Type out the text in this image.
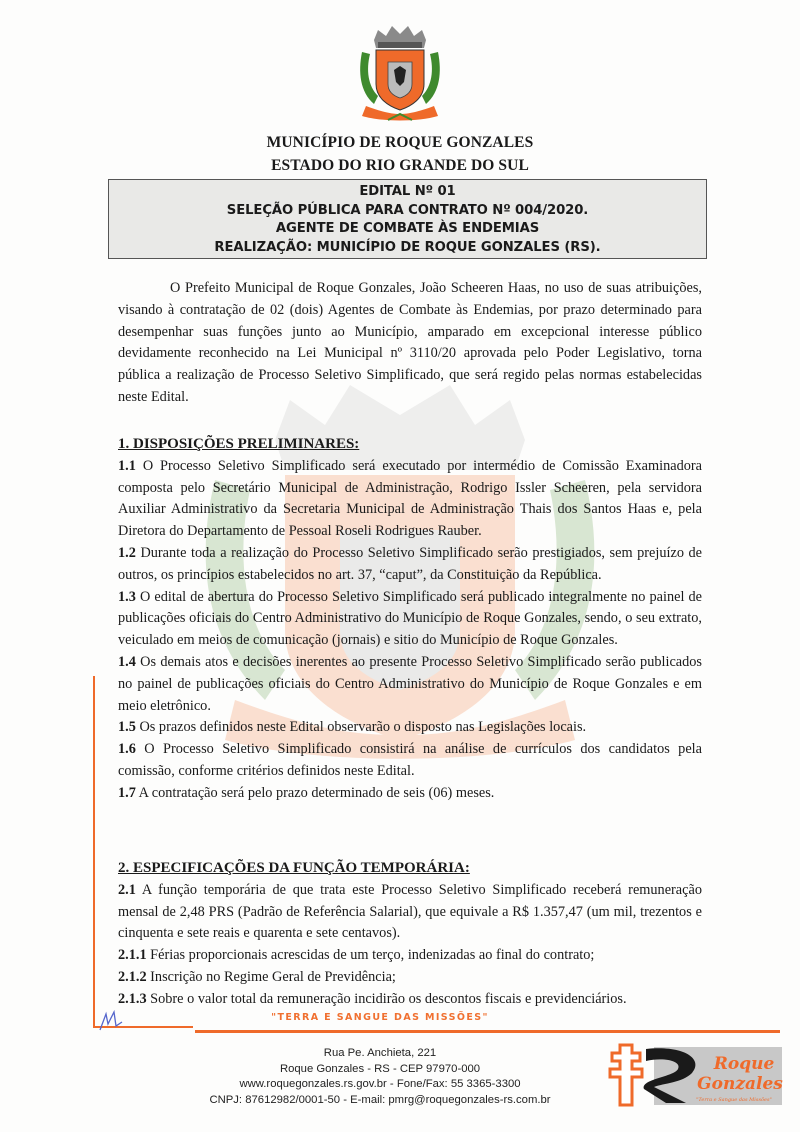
MUNICÍPIO DE ROQUE GONZALES
ESTADO DO RIO GRANDE DO SUL
EDITAL Nº 01
SELEÇÃO PÚBLICA PARA CONTRATO Nº 004/2020.
AGENTE DE COMBATE ÀS ENDEMIAS
REALIZAÇÃO: MUNICÍPIO DE ROQUE GONZALES (RS).

O Prefeito Municipal de Roque Gonzales, João Scheeren Haas, no uso de suas atribuições, visando à contratação de 02 (dois) Agentes de Combate às Endemias, por prazo determinado para desempenhar suas funções junto ao Município, amparado em excepcional interesse público devidamente reconhecido na Lei Municipal nº 3110/20 aprovada pelo Poder Legislativo, torna pública a realização de Processo Seletivo Simplificado, que será regido pelas normas estabelecidas neste Edital.

1. DISPOSIÇÕES PRELIMINARES:

1.1 O Processo Seletivo Simplificado será executado por intermédio de Comissão Examinadora composta pelo Secretário Municipal de Administração, Rodrigo Issler Scheeren, pela servidora Auxiliar Administrativo da Secretaria Municipal de Administração Thais dos Santos Haas e, pela Diretora do Departamento de Pessoal Roseli Rodrigues Rauber.

1.2 Durante toda a realização do Processo Seletivo Simplificado serão prestigiados, sem prejuízo de outros, os princípios estabelecidos no art. 37, “caput”, da Constituição da República.

1.3 O edital de abertura do Processo Seletivo Simplificado será publicado integralmente no painel de publicações oficiais do Centro Administrativo do Município de Roque Gonzales, sendo, o seu extrato, veiculado em meios de comunicação (jornais) e sitio do Município de Roque Gonzales.

1.4 Os demais atos e decisões inerentes ao presente Processo Seletivo Simplificado serão publicados no painel de publicações oficiais do Centro Administrativo do Município de Roque Gonzales e em meio eletrônico.

1.5 Os prazos definidos neste Edital observarão o disposto nas Legislações locais.

1.6 O Processo Seletivo Simplificado consistirá na análise de currículos dos candidatos pela comissão, conforme critérios definidos neste Edital.

1.7 A contratação será pelo prazo determinado de seis (06) meses.

2. ESPECIFICAÇÕES DA FUNÇÃO TEMPORÁRIA:

2.1 A função temporária de que trata este Processo Seletivo Simplificado receberá remuneração mensal de 2,48 PRS (Padrão de Referência Salarial), que equivale a R$ 1.357,47 (um mil, trezentos e cinquenta e sete reais e quarenta e sete centavos).

2.1.1 Férias proporcionais acrescidas de um terço, indenizadas ao final do contrato;

2.1.2 Inscrição no Regime Geral de Previdência;

2.1.3 Sobre o valor total da remuneração incidirão os descontos fiscais e previdenciários.

"TERRA E SANGUE DAS MISSÕES"
Rua Pe. Anchieta, 221
Roque Gonzales - RS - CEP 97970-000
www.roquegonzales.rs.gov.br - Fone/Fax: 55 3365-3300
CNPJ: 87612982/0001-50 - E-mail: pmrg@roquegonzales-rs.com.br
Roque
Gonzales
"Terra e Sangue das Missões"
